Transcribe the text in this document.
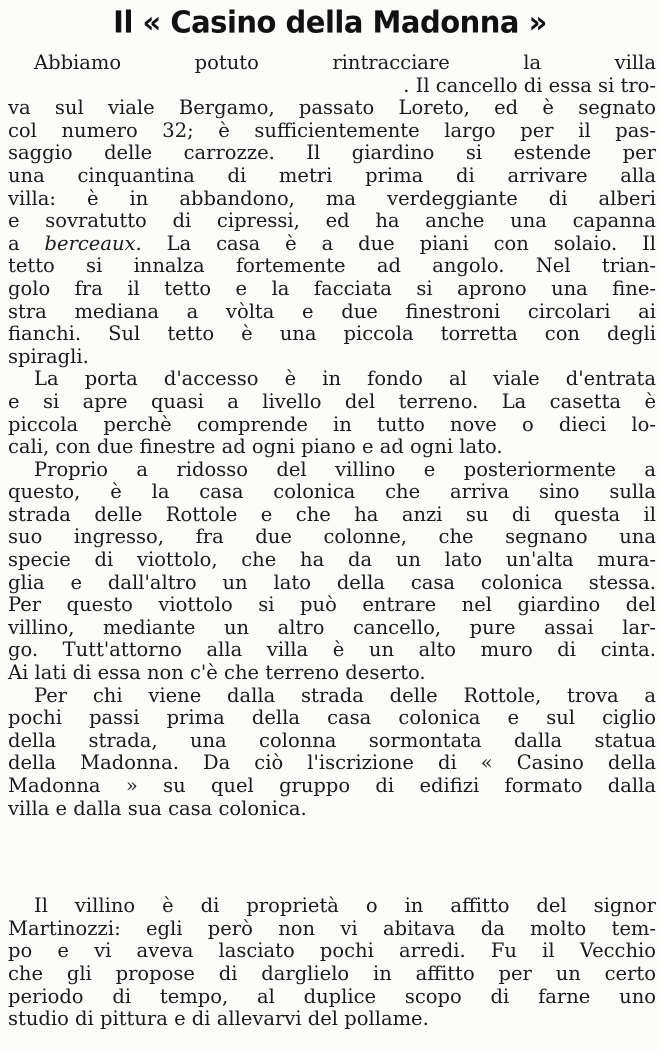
Il « Casino della Madonna »
Abbiamo potuto rintracciare la villa
. Il cancello di essa si tro-
va sul viale Bergamo, passato Loreto, ed è segnato
col numero 32; è sufficientemente largo per il pas-
saggio delle carrozze. Il giardino si estende per
una cinquantina di metri prima di arrivare alla
villa: è in abbandono, ma verdeggiante di alberi
e sovratutto di cipressi, ed ha anche una capanna
a berceaux. La casa è a due piani con solaio. Il
tetto si innalza fortemente ad angolo. Nel trian-
golo fra il tetto e la facciata si aprono una fine-
stra mediana a vòlta e due finestroni circolari ai
fianchi. Sul tetto è una piccola torretta con degli
spiragli.
La porta d'accesso è in fondo al viale d'entrata
e si apre quasi a livello del terreno. La casetta è
piccola perchè comprende in tutto nove o dieci lo-
cali, con due finestre ad ogni piano e ad ogni lato.
Proprio a ridosso del villino e posteriormente a
questo, è la casa colonica che arriva sino sulla
strada delle Rottole e che ha anzi su di questa il
suo ingresso, fra due colonne, che segnano una
specie di viottolo, che ha da un lato un'alta mura-
glia e dall'altro un lato della casa colonica stessa.
Per questo viottolo si può entrare nel giardino del
villino, mediante un altro cancello, pure assai lar-
go. Tutt'attorno alla villa è un alto muro di cinta.
Ai lati di essa non c'è che terreno deserto.
Per chi viene dalla strada delle Rottole, trova a
pochi passi prima della casa colonica e sul ciglio
della strada, una colonna sormontata dalla statua
della Madonna. Da ciò l'iscrizione di « Casino della
Madonna » su quel gruppo di edifizi formato dalla
villa e dalla sua casa colonica.
Il villino è di proprietà o in affitto del signor
Martinozzi: egli però non vi abitava da molto tem-
po e vi aveva lasciato pochi arredi. Fu il Vecchio
che gli propose di darglielo in affitto per un certo
periodo di tempo, al duplice scopo di farne uno
studio di pittura e di allevarvi del pollame.
